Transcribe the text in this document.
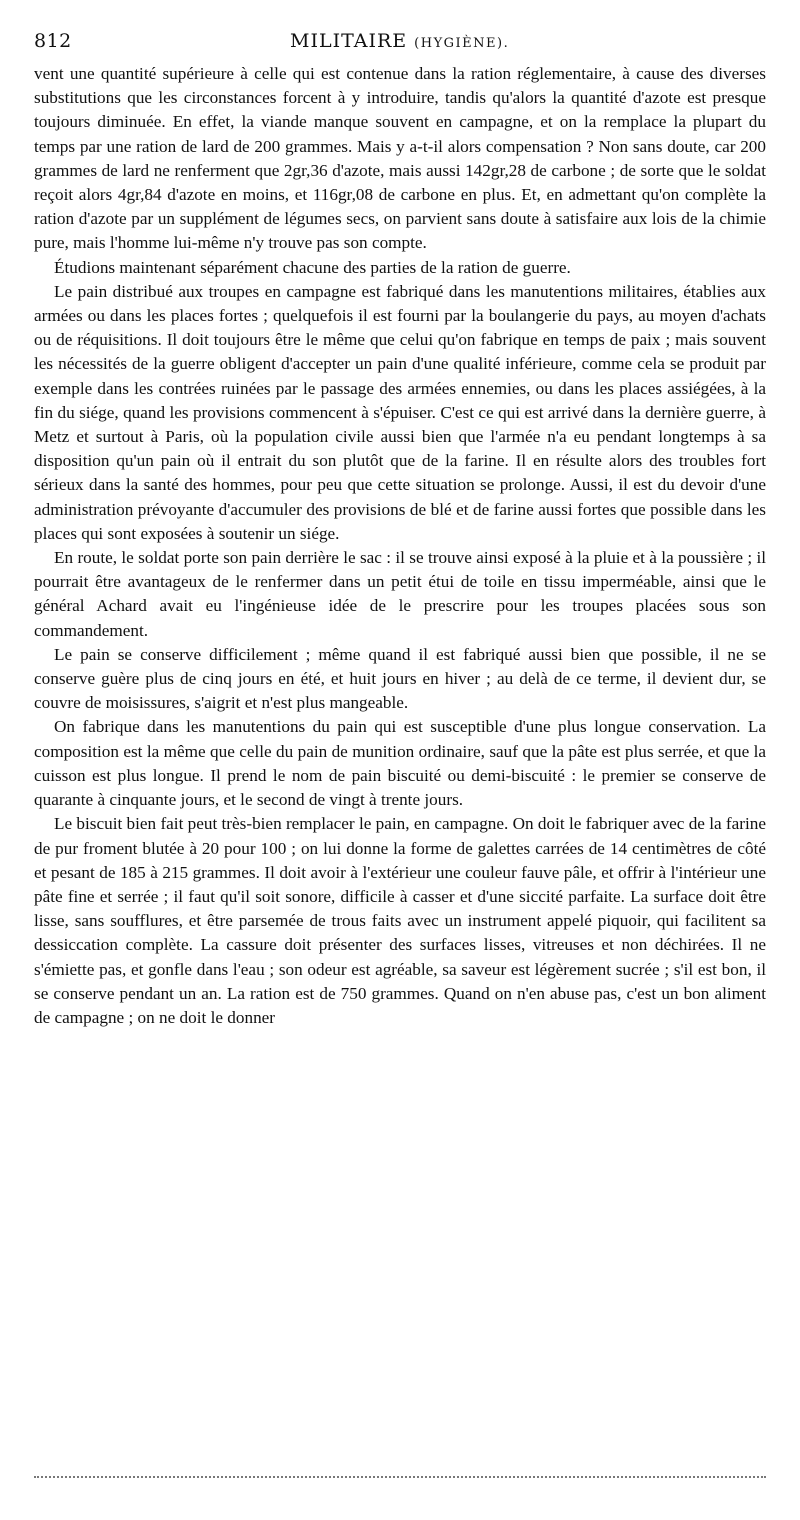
812	MILITAIRE (HYGIÈNE).

vent une quantité supérieure à celle qui est contenue dans la ration réglementaire, à cause des diverses substitutions que les circonstances forcent à y introduire, tandis qu'alors la quantité d'azote est presque toujours diminuée. En effet, la viande manque souvent en campagne, et on la remplace la plupart du temps par une ration de lard de 200 grammes. Mais y a-t-il alors compensation ? Non sans doute, car 200 grammes de lard ne renferment que 2gr,36 d'azote, mais aussi 142gr,28 de carbone ; de sorte que le soldat reçoit alors 4gr,84 d'azote en moins, et 116gr,08 de carbone en plus. Et, en admettant qu'on complète la ration d'azote par un supplément de légumes secs, on parvient sans doute à satisfaire aux lois de la chimie pure, mais l'homme lui-même n'y trouve pas son compte.

Étudions maintenant séparément chacune des parties de la ration de guerre.

Le pain distribué aux troupes en campagne est fabriqué dans les manutentions militaires, établies aux armées ou dans les places fortes ; quelquefois il est fourni par la boulangerie du pays, au moyen d'achats ou de réquisitions. Il doit toujours être le même que celui qu'on fabrique en temps de paix ; mais souvent les nécessités de la guerre obligent d'accepter un pain d'une qualité inférieure, comme cela se produit par exemple dans les contrées ruinées par le passage des armées ennemies, ou dans les places assiégées, à la fin du siége, quand les provisions commencent à s'épuiser. C'est ce qui est arrivé dans la dernière guerre, à Metz et surtout à Paris, où la population civile aussi bien que l'armée n'a eu pendant longtemps à sa disposition qu'un pain où il entrait du son plutôt que de la farine. Il en résulte alors des troubles fort sérieux dans la santé des hommes, pour peu que cette situation se prolonge. Aussi, il est du devoir d'une administration prévoyante d'accumuler des provisions de blé et de farine aussi fortes que possible dans les places qui sont exposées à soutenir un siége.

En route, le soldat porte son pain derrière le sac : il se trouve ainsi exposé à la pluie et à la poussière ; il pourrait être avantageux de le renfermer dans un petit étui de toile en tissu imperméable, ainsi que le général Achard avait eu l'ingénieuse idée de le prescrire pour les troupes placées sous son commandement.

Le pain se conserve difficilement ; même quand il est fabriqué aussi bien que possible, il ne se conserve guère plus de cinq jours en été, et huit jours en hiver ; au delà de ce terme, il devient dur, se couvre de moisissures, s'aigrit et n'est plus mangeable.

On fabrique dans les manutentions du pain qui est susceptible d'une plus longue conservation. La composition est la même que celle du pain de munition ordinaire, sauf que la pâte est plus serrée, et que la cuisson est plus longue. Il prend le nom de pain biscuité ou demi-biscuité : le premier se conserve de quarante à cinquante jours, et le second de vingt à trente jours.

Le biscuit bien fait peut très-bien remplacer le pain, en campagne. On doit le fabriquer avec de la farine de pur froment blutée à 20 pour 100 ; on lui donne la forme de galettes carrées de 14 centimètres de côté et pesant de 185 à 215 grammes. Il doit avoir à l'extérieur une couleur fauve pâle, et offrir à l'intérieur une pâte fine et serrée ; il faut qu'il soit sonore, difficile à casser et d'une siccité parfaite. La surface doit être lisse, sans soufflures, et être parsemée de trous faits avec un instrument appelé piquoir, qui facilitent sa dessiccation complète. La cassure doit présenter des surfaces lisses, vitreuses et non déchirées. Il ne s'émiette pas, et gonfle dans l'eau ; son odeur est agréable, sa saveur est légèrement sucrée ; s'il est bon, il se conserve pendant un an. La ration est de 750 grammes. Quand on n'en abuse pas, c'est un bon aliment de campagne ; on ne doit le donner
